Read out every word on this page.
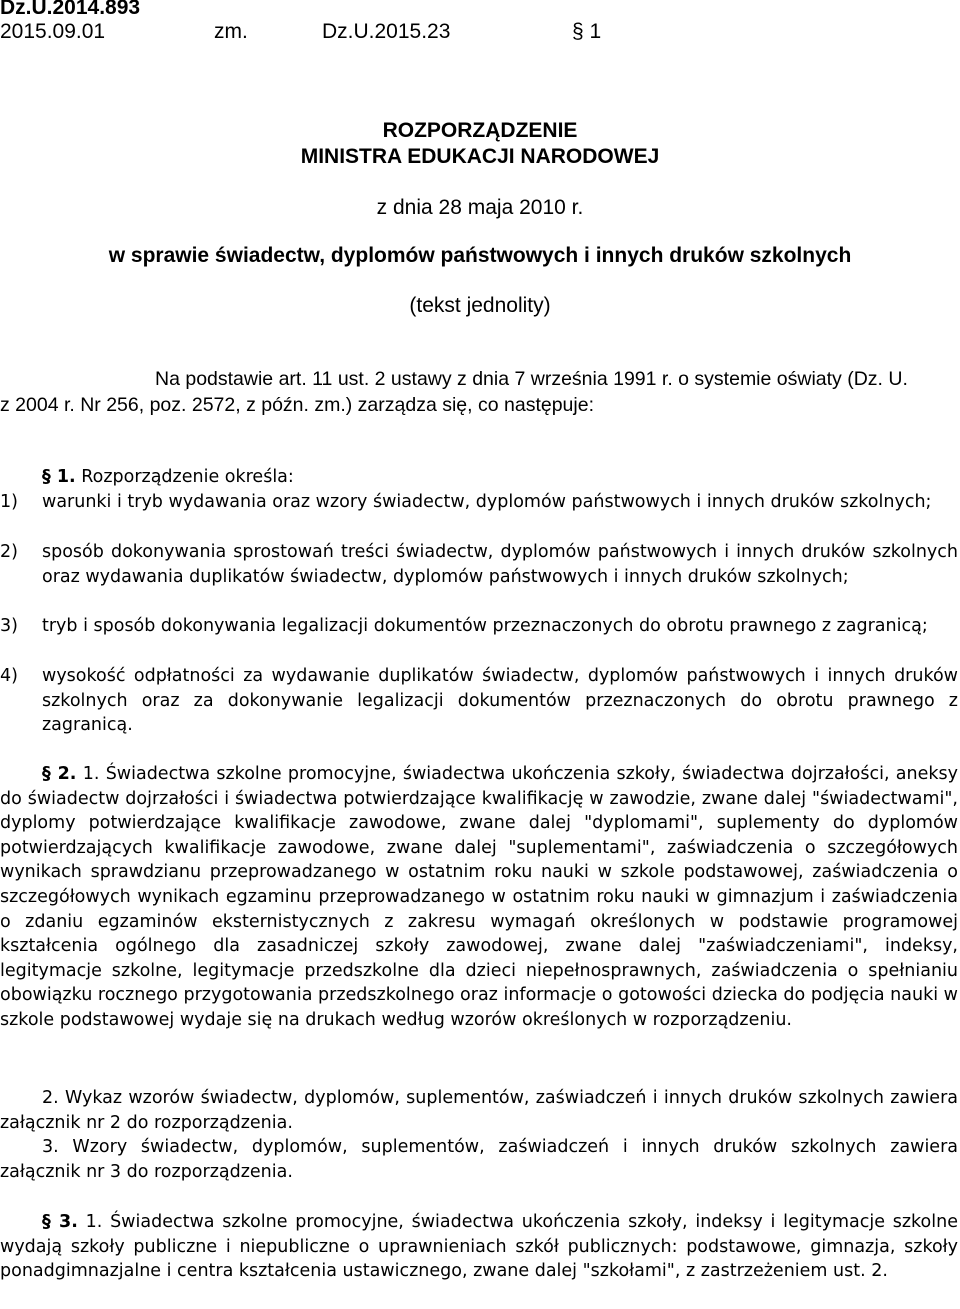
Dz.U.2014.893
2015.09.01	zm.	Dz.U.2015.23	§ 1
ROZPORZĄDZENIE
MINISTRA EDUKACJI NARODOWEJ
z dnia 28 maja 2010 r.
w sprawie świadectw, dyplomów państwowych i innych druków szkolnych
(tekst jednolity)
Na podstawie art. 11 ust. 2 ustawy z dnia 7 września 1991 r. o systemie oświaty (Dz. U.
z 2004 r. Nr 256, poz. 2572, z późn. zm.) zarządza się, co następuje:
§ 1. Rozporządzenie określa:
1) warunki i tryb wydawania oraz wzory świadectw, dyplomów państwowych i innych druków szkolnych;
2) sposób dokonywania sprostowań treści świadectw, dyplomów państwowych i innych druków szkolnych oraz wydawania duplikatów świadectw, dyplomów państwowych i innych druków szkolnych;
3) tryb i sposób dokonywania legalizacji dokumentów przeznaczonych do obrotu prawnego z zagranicą;
4) wysokość odpłatności za wydawanie duplikatów świadectw, dyplomów państwowych i innych druków szkolnych oraz za dokonywanie legalizacji dokumentów przeznaczonych do obrotu prawnego z zagranicą.
§ 2. 1. Świadectwa szkolne promocyjne, świadectwa ukończenia szkoły, świadectwa dojrzałości, aneksy do świadectw dojrzałości i świadectwa potwierdzające kwalifikację w zawodzie, zwane dalej "świadectwami", dyplomy potwierdzające kwalifikacje zawodowe, zwane dalej "dyplomami", suplementy do dyplomów potwierdzających kwalifikacje zawodowe, zwane dalej "suplementami", zaświadczenia o szczegółowych wynikach sprawdzianu przeprowadzanego w ostatnim roku nauki w szkole podstawowej, zaświadczenia o szczegółowych wynikach egzaminu przeprowadzanego w ostatnim roku nauki w gimnazjum i zaświadczenia o zdaniu egzaminów eksternistycznych z zakresu wymagań określonych w podstawie programowej kształcenia ogólnego dla zasadniczej szkoły zawodowej, zwane dalej "zaświadczeniami", indeksy, legitymacje szkolne, legitymacje przedszkolne dla dzieci niepełnosprawnych, zaświadczenia o spełnianiu obowiązku rocznego przygotowania przedszkolnego oraz informacje o gotowości dziecka do podjęcia nauki w szkole podstawowej wydaje się na drukach według wzorów określonych w rozporządzeniu.
2. Wykaz wzorów świadectw, dyplomów, suplementów, zaświadczeń i innych druków szkolnych zawiera załącznik nr 2 do rozporządzenia.
3. Wzory świadectw, dyplomów, suplementów, zaświadczeń i innych druków szkolnych zawiera załącznik nr 3 do rozporządzenia.
§ 3. 1. Świadectwa szkolne promocyjne, świadectwa ukończenia szkoły, indeksy i legitymacje szkolne wydają szkoły publiczne i niepubliczne o uprawnieniach szkół publicznych: podstawowe, gimnazja, szkoły ponadgimnazjalne i centra kształcenia ustawicznego, zwane dalej "szkołami", z zastrzeżeniem ust. 2.
